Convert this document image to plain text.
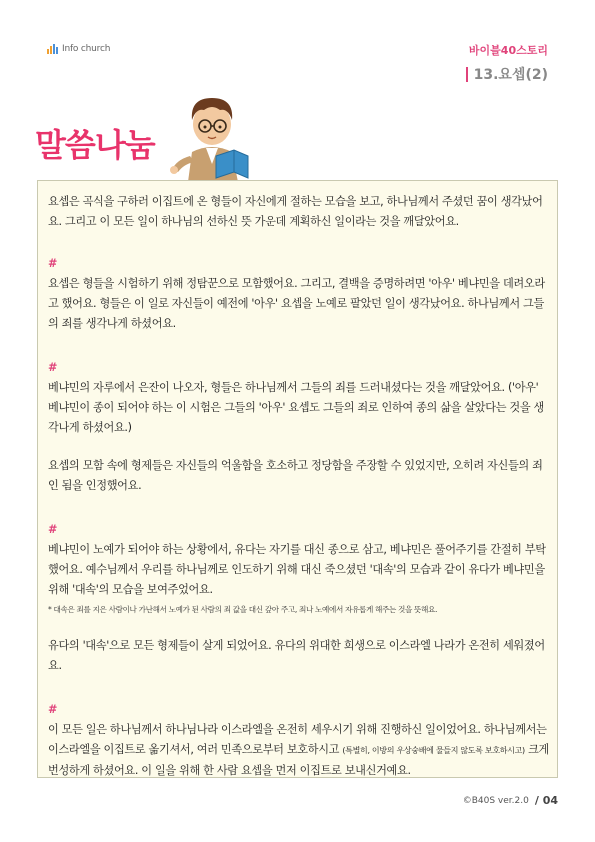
Info church	바이블40스토리
13.요셉(2)
말씀나눔

요셉은 곡식을 구하러 이집트에 온 형들이 자신에게 절하는 모습을 보고, 하나님께서 주셨던 꿈이 생각났어요. 그리고 이 모든 일이 하나님의 선하신 뜻 가운데 계획하신 일이라는 것을 깨달았어요.

#

요셉은 형들을 시험하기 위해 정탐꾼으로 모함했어요. 그리고, 결백을 증명하려면 '아우' 베냐민을 데려오라고 했어요. 형들은 이 일로 자신들이 예전에 '아우' 요셉을 노예로 팔았던 일이 생각났어요. 하나님께서 그들의 죄를 생각나게 하셨어요.

#

베냐민의 자루에서 은잔이 나오자, 형들은 하나님께서 그들의 죄를 드러내셨다는 것을 깨달았어요. ('아우' 베냐민이 종이 되어야 하는 이 시험은 그들의 '아우' 요셉도 그들의 죄로 인하여 종의 삶을 살았다는 것을 생각나게 하셨어요.)

요셉의 모함 속에 형제들은 자신들의 억울함을 호소하고 정당함을 주장할 수 있었지만, 오히려 자신들의 죄인 됨을 인정했어요.

#

베냐민이 노예가 되어야 하는 상황에서, 유다는 자기를 대신 종으로 삼고, 베냐민은 풀어주기를 간절히 부탁했어요. 예수님께서 우리를 하나님께로 인도하기 위해 대신 죽으셨던 '대속'의 모습과 같이 유다가 베냐민을 위해 '대속'의 모습을 보여주었어요.

* 대속은 죄를 지은 사람이나 가난해서 노예가 된 사람의 죄 값을 대신 갚아 주고, 죄나 노예에서 자유롭게 해주는 것을 뜻해요.

유다의 '대속'으로 모든 형제들이 살게 되었어요. 유다의 위대한 희생으로 이스라엘 나라가 온전히 세워졌어요.

#

이 모든 일은 하나님께서 하나님나라 이스라엘을 온전히 세우시기 위해 진행하신 일이었어요. 하나님께서는 이스라엘을 이집트로 옮기셔서, 여러 민족으로부터 보호하시고 (특별히, 이방의 우상숭배에 물들지 않도록 보호하시고) 크게 번성하게 하셨어요. 이 일을 위해 한 사람 요셉을 먼저 이집트로 보내신거예요.

©B40S ver.2.0 / 04
